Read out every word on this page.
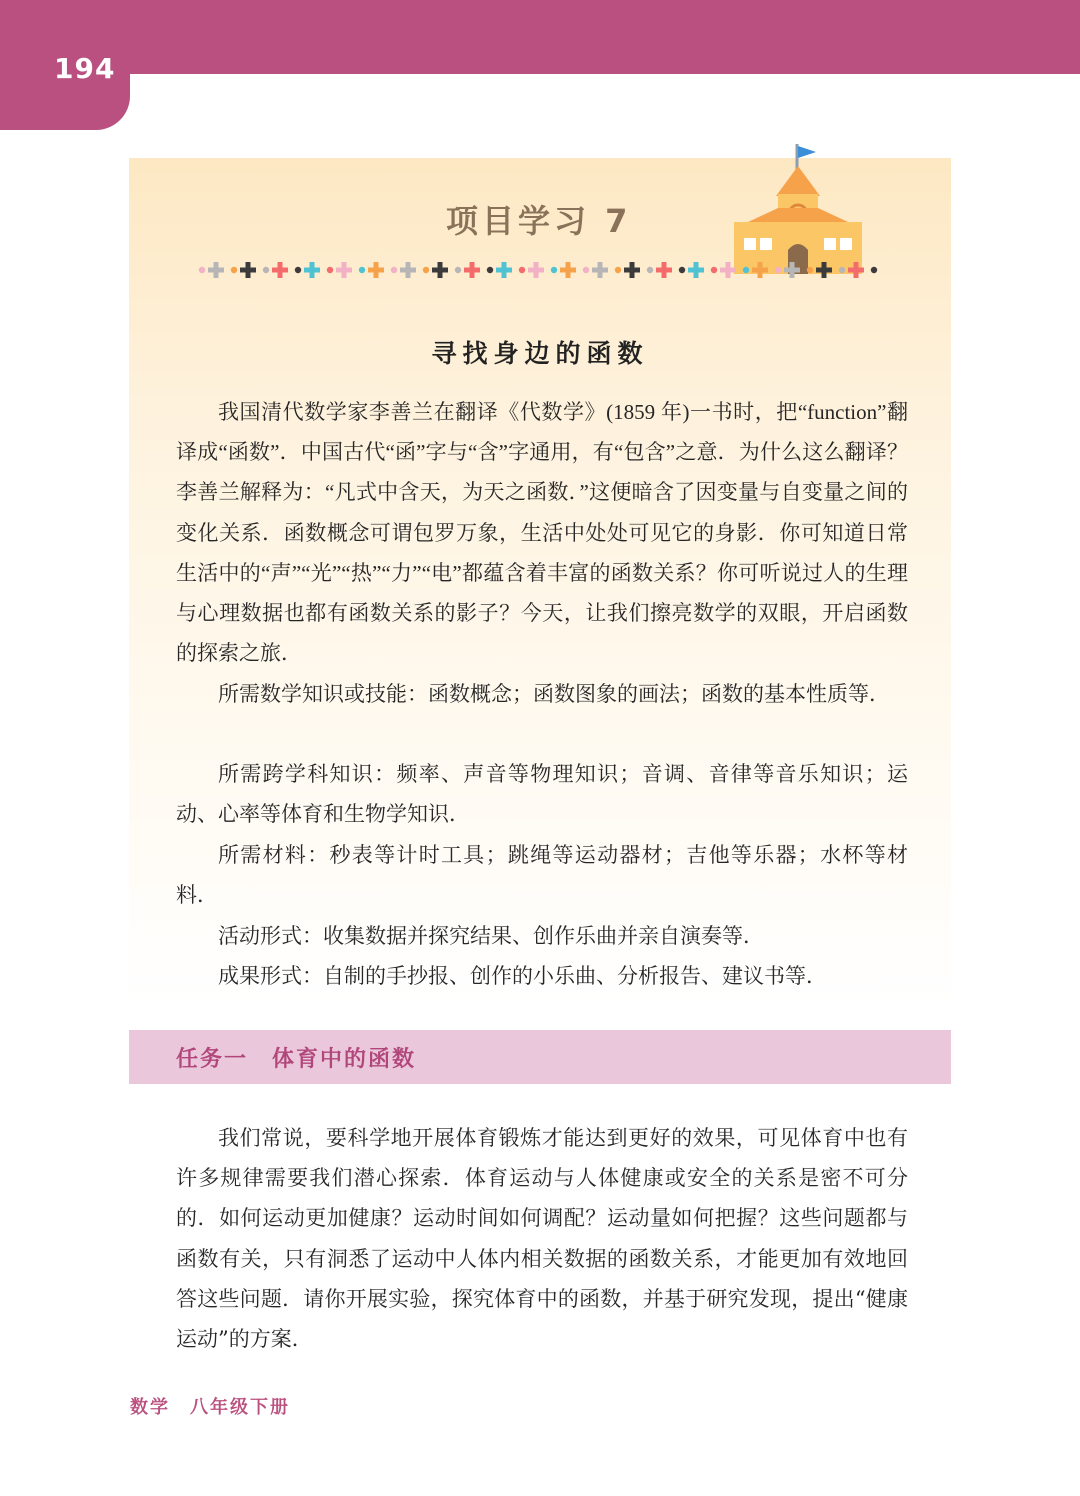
194
项目学习 7
寻找身边的函数

我国清代数学家李善兰在翻译《代数学》(1859 年)一书时，把“function”翻译成“函数”．中国古代“函”字与“含”字通用，有“包含”之意．为什么这么翻译？李善兰解释为：“凡式中含天，为天之函数．”这便暗含了因变量与自变量之间的变化关系．函数概念可谓包罗万象，生活中处处可见它的身影．你可知道日常生活中的“声”“光”“热”“力”“电”都蕴含着丰富的函数关系？你可听说过人的生理与心理数据也都有函数关系的影子？今天，让我们擦亮数学的双眼，开启函数的探索之旅．

所需数学知识或技能：函数概念；函数图象的画法；函数的基本性质等．

所需跨学科知识：频率、声音等物理知识；音调、音律等音乐知识；运动、心率等体育和生物学知识．

所需材料：秒表等计时工具；跳绳等运动器材；吉他等乐器；水杯等材料．

活动形式：收集数据并探究结果、创作乐曲并亲自演奏等．

成果形式：自制的手抄报、创作的小乐曲、分析报告、建议书等．

任务一 体育中的函数

我们常说，要科学地开展体育锻炼才能达到更好的效果，可见体育中也有许多规律需要我们潜心探索．体育运动与人体健康或安全的关系是密不可分的．如何运动更加健康？运动时间如何调配？运动量如何把握？这些问题都与函数有关，只有洞悉了运动中人体内相关数据的函数关系，才能更加有效地回答这些问题．请你开展实验，探究体育中的函数，并基于研究发现，提出“健康运动”的方案．

数学 八年级下册
